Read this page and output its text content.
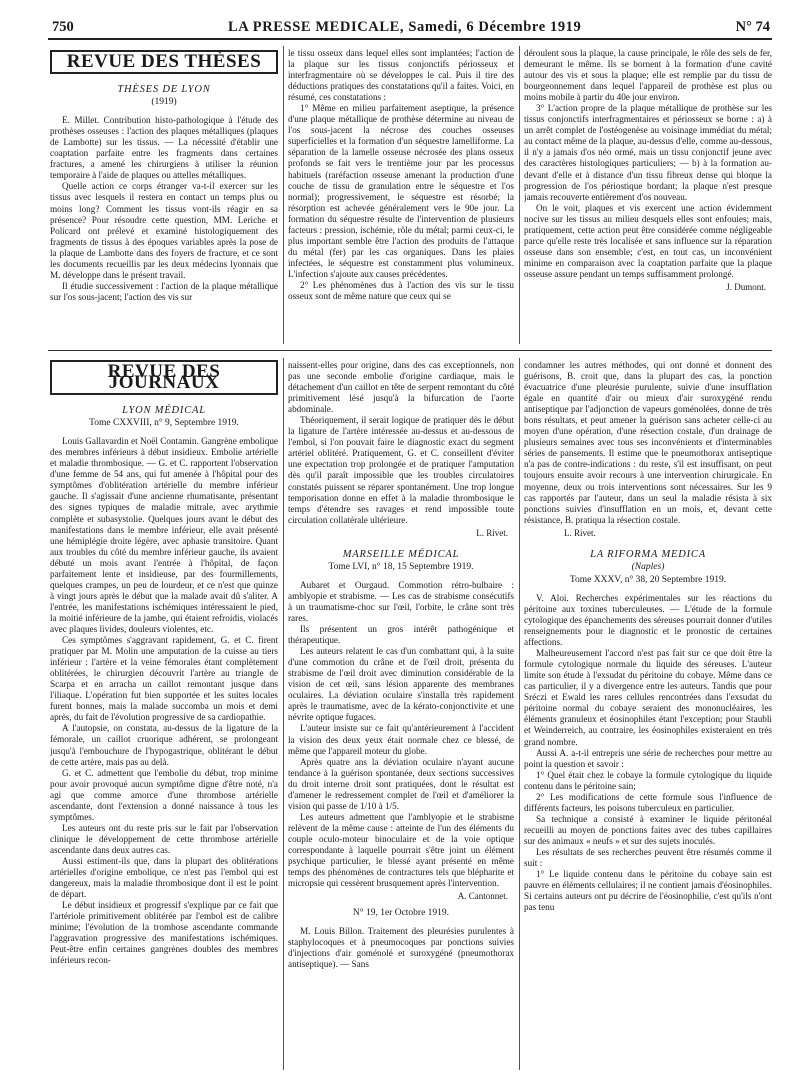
750	LA PRESSE MEDICALE, Samedi, 6 Décembre 1919	N° 74
REVUE DES THÈSES
THÈSES DE LYON
(1919)

E. Millet. Contribution histo-pathologique à l'étude des prothèses osseuses : l'action des plaques métalliques (plaques de Lambotte) sur les tissus. — La nécessité d'établir une coaptation parfaite entre les fragments dans certaines fractures, a amené les chirurgiens à utiliser la réunion temporaire à l'aide de plaques ou attelles métalliques.

Quelle action ce corps étranger va-t-il exercer sur les tissus avec lesquels il restera en contact un temps plus ou moins long? Comment les tissus vont-ils réagir en sa présence? Pour résoudre cette question, MM. Leriche et Policard ont prélevé et examiné histologiquement des fragments de tissus à des époques variables après la pose de la plaque de Lambotte dans des foyers de fracture, et ce sont les documents recueillis par les deux médecins lyonnais que M. développe dans le présent travail.

Il étudie successivement : l'action de la plaque métallique sur l'os sous-jacent; l'action des vis sur

le tissu osseux dans lequel elles sont implantées; l'action de la plaque sur les tissus conjonctifs périosseux et interfragmentaire où se développes le cal. Puis il tire des déductions pratiques des constatations qu'il a faites. Voici, en résumé, ces constatations :

1° Même en milieu parfaitement aseptique, la présence d'une plaque métallique de prothèse détermine au niveau de l'os sous-jacent la nécrose des couches osseuses superficielles et la formation d'un séquestre lamelliforme. La séparation de la lamelle osseuse nécrosée des plans osseux profonds se fait vers le trentième jour par les processus habituels (raréfaction osseuse amenant la production d'une couche de tissu de granulation entre le séquestre et l'os normal); progressivement, le séquestre est résorbé; la résorption est achevée généralement vers le 90e jour. La formation du séquestre résulte de l'intervention de plusieurs facteurs : pression, ischémie, rôle du métal; parmi ceux-ci, le plus important semble être l'action des produits de l'attaque du métal (fer) par les cas organiques. Dans les plaies infectées, le séquestre est constamment plus volumineux. L'infection s'ajoute aux causes précédentes.

2° Les phénomènes dus à l'action des vis sur le tissu osseux sont de même nature que ceux qui se

déroulent sous la plaque, la cause principale, le rôle des sels de fer, demeurant le même. Ils se bornent à la formation d'une cavité autour des vis et sous la plaque; elle est remplie par du tissu de bourgeonnement dans lequel l'appareil de prothèse est plus ou moins mobile à partir du 40e jour environ.

3° L'action propre de la plaque métallique de prothèse sur les tissus conjonctifs interfragmentaires et périosseux se borne : a) à un arrêt complet de l'ostéogenèse au voisinage immédiat du métal; au contact même de la plaque, au-dessus d'elle, comme au-dessous, il n'y a jamais d'os néo ormé, mais un tissu conjonctif jeune avec des caractères histologiques particuliers; — b) à la formation au-devant d'elle et à distance d'un tissu fibreux dense qui bloque la progression de l'os périostique bordant; la plaque n'est presque jamais recouverte entièrement d'os nouveau.

On le voit, plaques et vis exercent une action évidemment nocive sur les tissus au milieu desquels elles sont enfouies; mais, pratiquement, cette action peut être considérée comme négligeable parce qu'elle reste très localisée et sans influence sur la réparation osseuse dans son ensemble; c'est, en tout cas, un inconvénient minime en comparaison avec la coaptation parfaite que la plaque osseuse assure pendant un temps suffisamment prolongé.

J. Dumont.
REVUE DES JOURNAUX
LYON MÉDICAL
Tome CXXVIII, n° 9, Septembre 1919.

Louis Gallavardin et Noël Contamin. Gangrène embolique des membres inférieurs à début insidieux. Embolie artérielle et maladie thrombosique. — G. et C. rapportent l'observation d'une femme de 54 ans, qui fut amenée à l'hôpital pour des symptômes d'oblitération artérielle du membre inférieur gauche. Il s'agissait d'une ancienne rhumatisante, présentant des signes typiques de maladie mitrale, avec arythmie complète et subasystolie. Quelques jours avant le début des manifestations dans le membre inférieur, elle avait présenté une hémiplégie droite légère, avec aphasie transitoire. Quant aux troubles du côté du membre inférieur gauche, ils avaient débuté un mois avant l'entrée à l'hôpital, de façon parfaitement lente et insidieuse, par des fourmillements, quelques crampes, un peu de lourdeur, et ce n'est que quinze à vingt jours après le début que la malade avait dû s'aliter. A l'entrée, les manifestations ischémiques intéressaient le pied, la moitié inférieure de la jambe, qui étaient refroidis, violacés avec plaques livides, douleurs violentes, etc.

Ces symptômes s'aggravant rapidement, G. et C. firent pratiquer par M. Molin une amputation de la cuisse au tiers inférieur : l'artère et la veine fémorales étant complètement oblitérées, le chirurgien découvrit l'artère au triangle de Scarpa et en arracha un caillot remontant jusque dans l'iliaque. L'opération fut bien supportée et les suites locales furent bonnes, mais la malade succomba un mois et demi après, du fait de l'évolution progressive de sa cardiopathie.

A l'autopsie, on constata, au-dessus de la ligature de la fémorale, un caillot cruorique adhérent, se prolongeant jusqu'à l'embouchure de l'hypogastrique, oblitérant le début de cette artère, mais pas au delà.

G. et C. admettent que l'embolie du début, trop minime pour avoir provoqué aucun symptôme digne d'être noté, n'a agi que comme amorce d'une thrombose artérielle ascendante, dont l'extension a donné naissance à tous les symptômes.

Les auteurs ont du reste pris sur le fait par l'observation clinique le développement de cette thrombose artérielle ascendante dans deux autres cas.

Aussi estiment-ils que, dans la plupart des oblitérations artérielles d'origine embolique, ce n'est pas l'embol qui est dangereux, mais la maladie thrombosique dont il est le point de départ.

Le début insidieux et progressif s'explique par ce fait que l'artériole primitivement oblitérée par l'embol est de calibre minime; l'évolution de la trombose ascendante commande l'aggravation progressive des manifestations ischémiques. Peut-être enfin certaines gangrènes doubles des membres inférieurs recon-

naissent-elles pour origine, dans des cas exceptionnels, non pas une seconde embolie d'origine cardiaque, mais le détachement d'un caillot en tête de serpent remontant du côté primitivement lésé jusqu'à la bifurcation de l'aorte abdominale.

Théoriquement, il serait logique de pratiquer dès le début la ligature de l'artère intéressée au-dessus et au-dessous de l'embol, si l'on pouvait faire le diagnostic exact du segment artériel oblitéré. Pratiquement, G. et C. conseillent d'éviter une expectation trop prolongée et de pratiquer l'amputation dès qu'il paraît impossible que les troubles circulatoires constatés puissent se réparer spontanément. Une trop longue temporisation donne en effet à la maladie thrombosique le temps d'étendre ses ravages et rend impossible toute circulation collatérale ultérieure.

L. Rivet.
MARSEILLE MÉDICAL
Tome LVI, n° 18, 15 Septembre 1919.

Aubaret et Ourgaud. Commotion rétro-bulbaire : amblyopie et strabisme. — Les cas de strabisme consécutifs à un traumatisme-choc sur l'œil, l'orbite, le crâne sont très rares.

Ils présentent un gros intérêt pathogénique et thérapeutique.

Les auteurs relatent le cas d'un combattant qui, à la suite d'une commotion du crâne et de l'œil droit, présenta du strabisme de l'œil droit avec diminution considérable de la vision de cet œil, sans lésion apparente des membranes oculaires. La déviation oculaire s'installa très rapidement après le traumatisme, avec de la kérato-conjonctivite et une névrite optique fugaces.

L'auteur insiste sur ce fait qu'antérieurement à l'accident la vision des deux yeux était normale chez ce blessé, de même que l'appareil moteur du globe.

Après quatre ans la déviation oculaire n'ayant aucune tendance à la guérison spontanée, deux sections successives du droit interne droit sont pratiquées, dont le résultat est d'amener le redressement complet de l'œil et d'améliorer la vision qui passe de 1/10 à 1/5.

Les auteurs admettent que l'amblyopie et le strabisme relèvent de la même cause : atteinte de l'un des éléments du couple oculo-moteur binoculaire et de la voie optique correspondante à laquelle pourrait s'être joint un élément psychique particulier, le blessé ayant présenté en même temps des phénomènes de contractures tels que blépharite et micropsie qui cessèrent brusquement après l'intervention.

A. Cantonnet.
N° 19, 1er Octobre 1919.

M. Louis Billon. Traitement des pleurésies purulentes à staphylocoques et à pneumocoques par ponctions suivies d'injections d'air goménolé et suroxygéné (pneumothorax antiseptique). — Sans

condamner les autres méthodes, qui ont donné et donnent des guérisons, B. croit que, dans la plupart des cas, la ponction évacuatrice d'une pleurésie purulente, suivie d'une insufflation égale en quantité d'air ou mieux d'air suroxygéné rendu antiseptique par l'adjonction de vapeurs goménolées, donne de très bons résultats, et peut amener la guérison sans acheter celle-ci au moyen d'une opération, d'une résection costale, d'un drainage de plusieurs semaines avec tous ses inconvénients et d'interminables séries de pansements. Il estime que le pneumothorax antiseptique n'a pas de contre-indications : du reste, s'il est insuffisant, on peut toujours ensuite avoir recours à une intervention chirurgicale. En moyenne, deux ou trois interventions sont nécessaires. Sur les 9 cas rapportés par l'auteur, dans un seul la maladie résista à six ponctions suivies d'insufflation en un mois, et, devant cette résistance, B. pratiqua la résection costale.

L. Rivet.
LA RIFORMA MEDICA
(Naples)
Tome XXXV, n° 38, 20 Septembre 1919.

V. Aloi. Recherches expérimentales sur les réactions du péritoine aux toxines tuberculeuses. — L'étude de la formule cytologique des épanchements des séreuses pourrait donner d'utiles renseignements pour le diagnostic et le pronostic de certaines affections.

Malheureusement l'accord n'est pas fait sur ce que doit être la formule cytologique normale du liquide des séreuses. L'auteur limite son étude à l'exsudat du péritoine du cobaye. Même dans ce cas particulier, il y a divergence entre les auteurs. Tandis que pour Sréczi et Ewald les rares cellules rencontrées dans l'exsudat du péritoine normal du cobaye seraient des mononucléaires, les éléments granuleux et éosinophiles étant l'exception; pour Staubli et Weinderreich, au contraire, les éosinophiles existeraient en très grand nombre.

Aussi A. a-t-il entrepris une série de recherches pour mettre au point la question et savoir :

1° Quel était chez le cobaye la formule cytologique du liquide contenu dans le péritoine sain;

2° Les modifications de cette formule sous l'influence de différents facteurs, les poisons tuberculeux en particulier.

Sa technique a consisté à examiner le liquide péritonéal recueilli au moyen de ponctions faites avec des tubes capillaires sur des animaux « neufs » et sur des sujets inoculés.

Les résultats de ses recherches peuvent être résumés comme il suit :

1° Le liquide contenu dans le péritoine du cobaye sain est pauvre en éléments cellulaires; il ne contient jamais d'éosinophiles. Si certains auteurs ont pu décrire de l'éosinophilie, c'est qu'ils n'ont pas tenu
